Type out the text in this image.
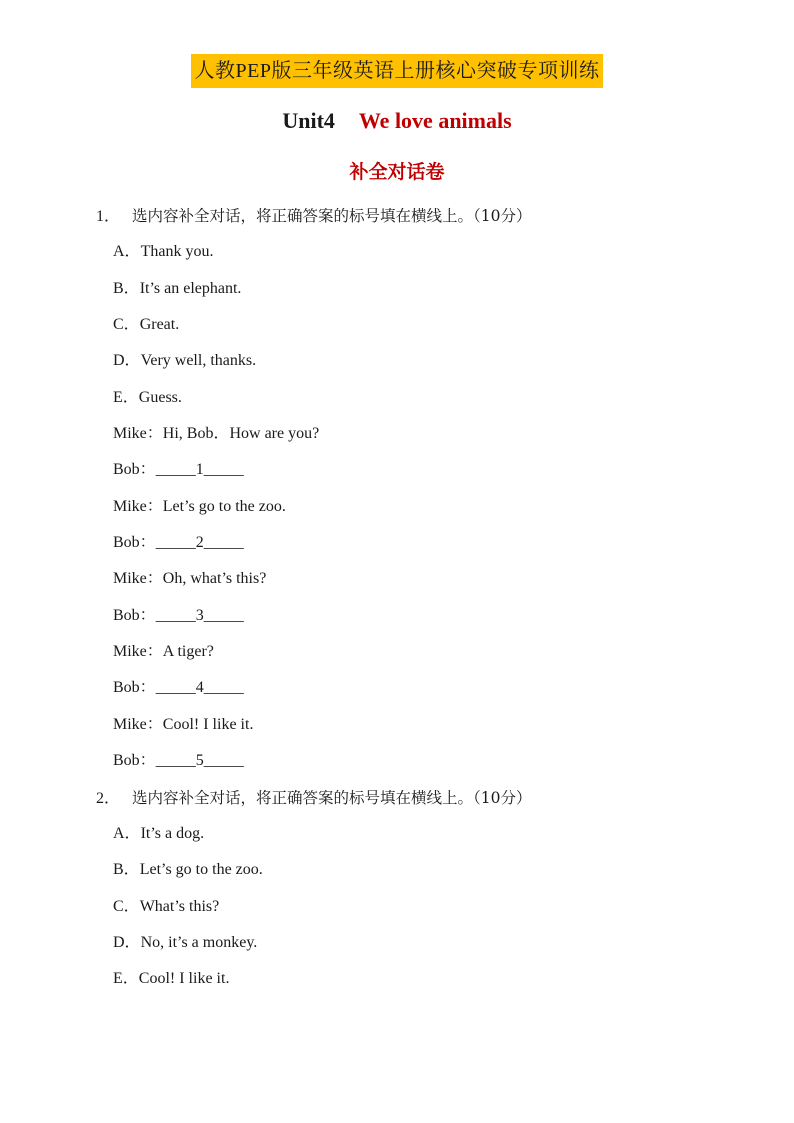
人教PEP版三年级英语上册核心突破专项训练
Unit4 We love animals
补全对话卷
1． 选内容补全对话，将正确答案的标号填在横线上。（10分）
A．Thank you.
B．It’s an elephant.
C．Great.
D．Very well, thanks.
E．Guess.
Mike：Hi, Bob．How are you?
Bob：_____1_____
Mike：Let’s go to the zoo.
Bob：_____2_____
Mike：Oh, what’s this?
Bob：_____3_____
Mike：A tiger?
Bob：_____4_____
Mike：Cool! I like it.
Bob：_____5_____
2． 选内容补全对话，将正确答案的标号填在横线上。（10分）
A．It’s a dog.
B．Let’s go to the zoo.
C．What’s this?
D．No, it’s a monkey.
E．Cool! I like it.
